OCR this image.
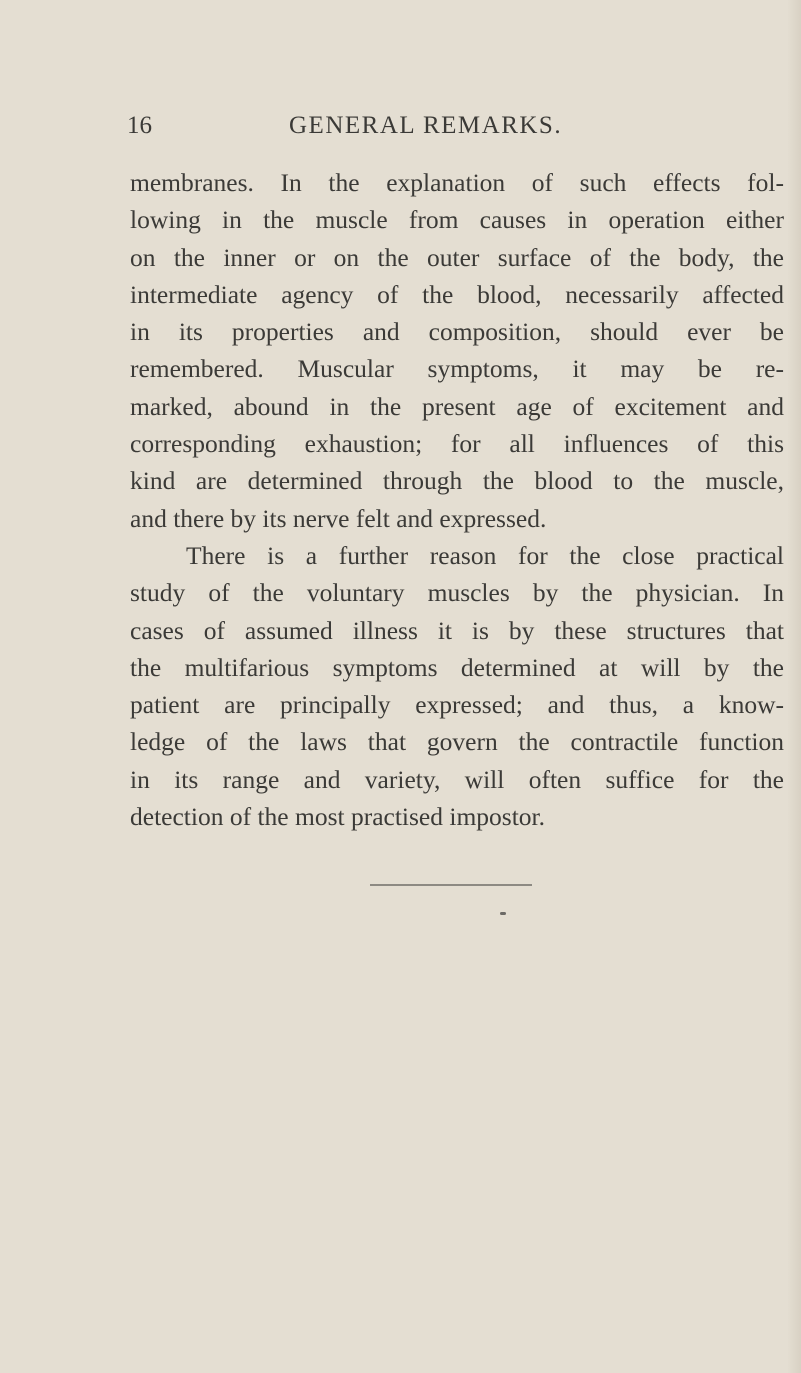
16	GENERAL REMARKS.
membranes. In the explanation of such effects fol-
lowing in the muscle from causes in operation either
on the inner or on the outer surface of the body, the
intermediate agency of the blood, necessarily affected
in its properties and composition, should ever be
remembered. Muscular symptoms, it may be re-
marked, abound in the present age of excitement and
corresponding exhaustion; for all influences of this
kind are determined through the blood to the muscle,
and there by its nerve felt and expressed.
There is a further reason for the close practical
study of the voluntary muscles by the physician. In
cases of assumed illness it is by these structures that
the multifarious symptoms determined at will by the
patient are principally expressed; and thus, a know-
ledge of the laws that govern the contractile function
in its range and variety, will often suffice for the
detection of the most practised impostor.
